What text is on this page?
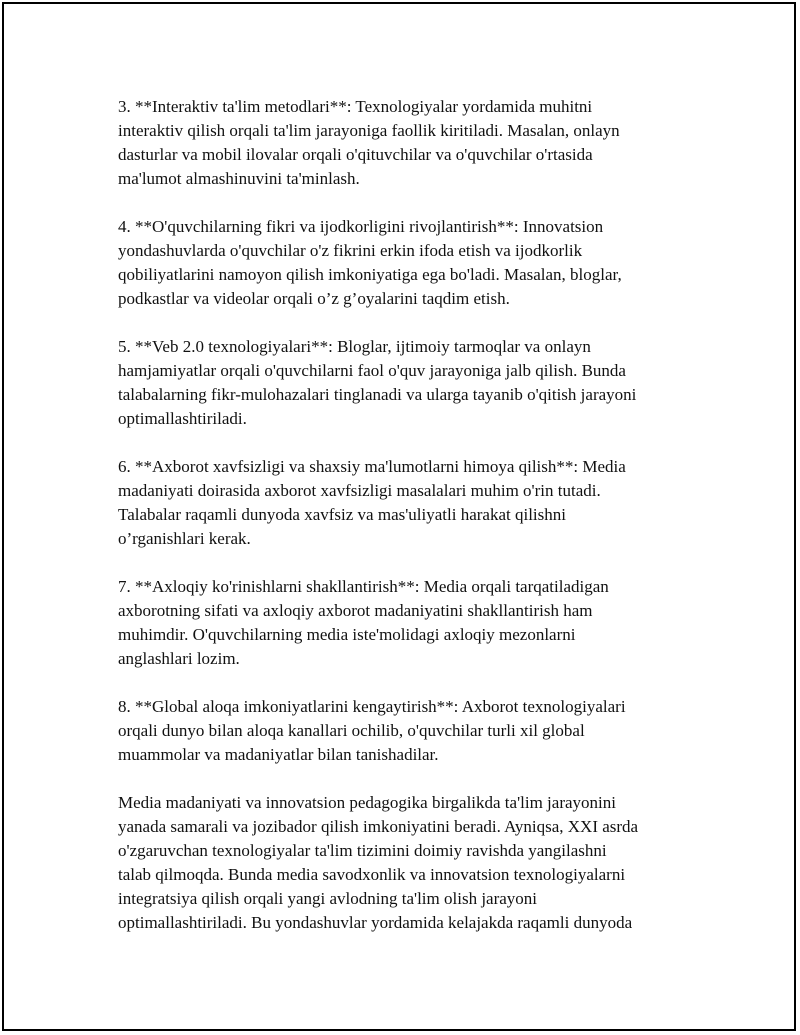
3. **Interaktiv ta'lim metodlari**: Texnologiyalar yordamida muhitni
interaktiv qilish orqali ta'lim jarayoniga faollik kiritiladi. Masalan, onlayn
dasturlar va mobil ilovalar orqali o'qituvchilar va o'quvchilar o'rtasida
ma'lumot almashinuvini ta'minlash.

4. **O'quvchilarning fikri va ijodkorligini rivojlantirish**: Innovatsion
yondashuvlarda o'quvchilar o'z fikrini erkin ifoda etish va ijodkorlik
qobiliyatlarini namoyon qilish imkoniyatiga ega bo'ladi. Masalan, bloglar,
podkastlar va videolar orqali o’z g’oyalarini taqdim etish.

5. **Veb 2.0 texnologiyalari**: Bloglar, ijtimoiy tarmoqlar va onlayn
hamjamiyatlar orqali o'quvchilarni faol o'quv jarayoniga jalb qilish. Bunda
talabalarning fikr-mulohazalari tinglanadi va ularga tayanib o'qitish jarayoni
optimallashtiriladi.

6. **Axborot xavfsizligi va shaxsiy ma'lumotlarni himoya qilish**: Media
madaniyati doirasida axborot xavfsizligi masalalari muhim o'rin tutadi.
Talabalar raqamli dunyoda xavfsiz va mas'uliyatli harakat qilishni
o’rganishlari kerak.

7. **Axloqiy ko'rinishlarni shakllantirish**: Media orqali tarqatiladigan
axborotning sifati va axloqiy axborot madaniyatini shakllantirish ham
muhimdir. O'quvchilarning media iste'molidagi axloqiy mezonlarni
anglashlari lozim.

8. **Global aloqa imkoniyatlarini kengaytirish**: Axborot texnologiyalari
orqali dunyo bilan aloqa kanallari ochilib, o'quvchilar turli xil global
muammolar va madaniyatlar bilan tanishadilar.

Media madaniyati va innovatsion pedagogika birgalikda ta'lim jarayonini
yanada samarali va jozibador qilish imkoniyatini beradi. Ayniqsa, XXI asrda
o'zgaruvchan texnologiyalar ta'lim tizimini doimiy ravishda yangilashni
talab qilmoqda. Bunda media savodxonlik va innovatsion texnologiyalarni
integratsiya qilish orqali yangi avlodning ta'lim olish jarayoni
optimallashtiriladi. Bu yondashuvlar yordamida kelajakda raqamli dunyoda
